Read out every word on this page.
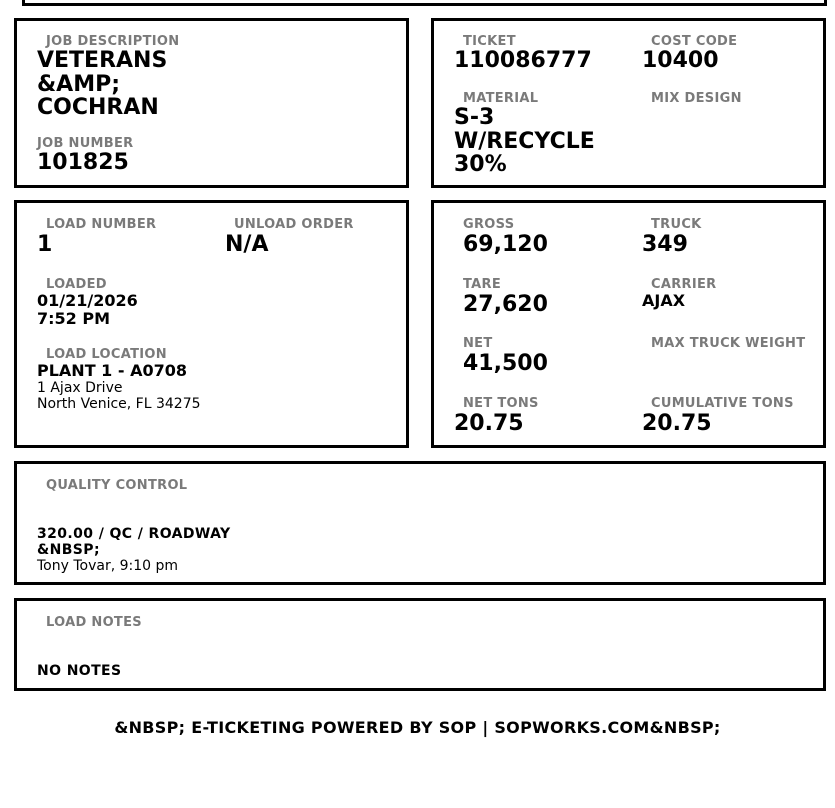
JOB DESCRIPTION
VETERANS
&AMP;
COCHRAN
JOB NUMBER
101825
TICKET
110086777
COST CODE
10400
MATERIAL
S-3
W/RECYCLE
30%
MIX DESIGN
LOAD NUMBER
1
UNLOAD ORDER
N/A
LOADED
01/21/2026
7:52 PM
LOAD LOCATION
PLANT 1 - A0708
1 Ajax Drive
North Venice, FL 34275
GROSS
69,120
TRUCK
349
TARE
27,620
CARRIER
AJAX
NET
41,500
MAX TRUCK WEIGHT
NET TONS
20.75
CUMULATIVE TONS
20.75
QUALITY CONTROL
320.00 / QC / ROADWAY
&NBSP;
Tony Tovar, 9:10 pm
LOAD NOTES
NO NOTES
&NBSP; E-TICKETING POWERED BY SOP | SOPWORKS.COM&NBSP;
